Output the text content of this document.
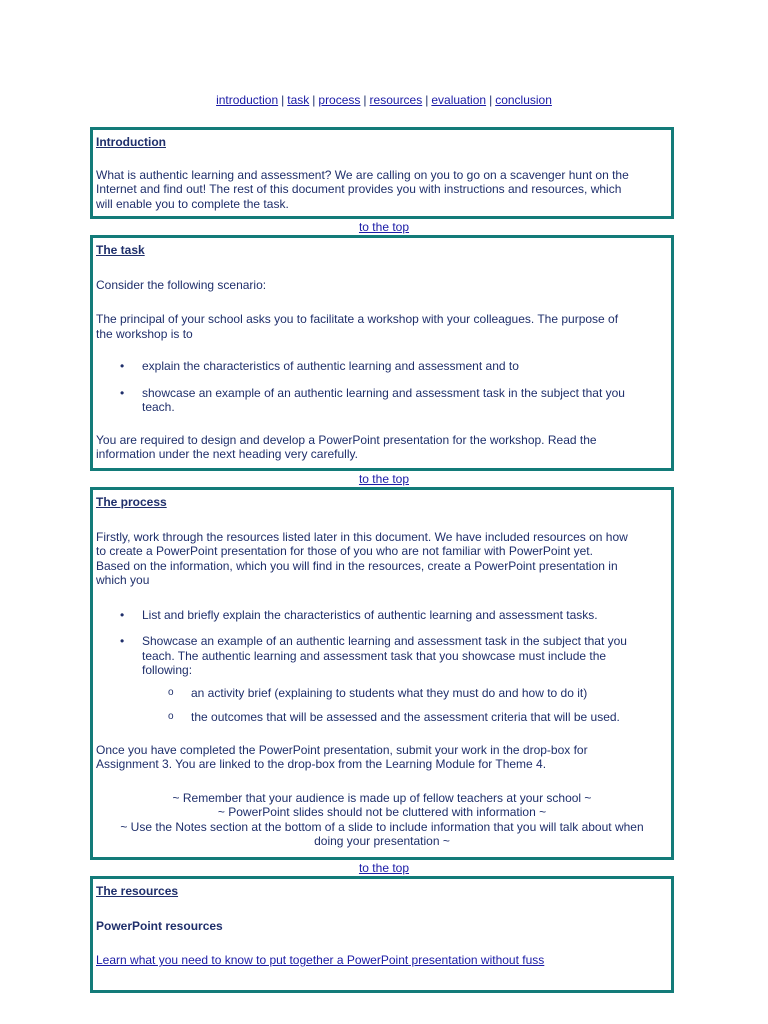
introduction | task | process | resources | evaluation | conclusion
Introduction

What is authentic learning and assessment? We are calling on you to go on a scavenger hunt on the
Internet and find out! The rest of this document provides you with instructions and resources, which
will enable you to complete the task.

to the top
The task

Consider the following scenario:

The principal of your school asks you to facilitate a workshop with your colleagues. The purpose of
the workshop is to

• explain the characteristics of authentic learning and assessment and to
• showcase an example of an authentic learning and assessment task in the subject that you
teach.

You are required to design and develop a PowerPoint presentation for the workshop. Read the
information under the next heading very carefully.

to the top
The process

Firstly, work through the resources listed later in this document. We have included resources on how
to create a PowerPoint presentation for those of you who are not familiar with PowerPoint yet.
Based on the information, which you will find in the resources, create a PowerPoint presentation in
which you

• List and briefly explain the characteristics of authentic learning and assessment tasks.
• Showcase an example of an authentic learning and assessment task in the subject that you
teach. The authentic learning and assessment task that you showcase must include the
following:
o an activity brief (explaining to students what they must do and how to do it)
o the outcomes that will be assessed and the assessment criteria that will be used.

Once you have completed the PowerPoint presentation, submit your work in the drop-box for
Assignment 3. You are linked to the drop-box from the Learning Module for Theme 4.

~ Remember that your audience is made up of fellow teachers at your school ~
~ PowerPoint slides should not be cluttered with information ~
~ Use the Notes section at the bottom of a slide to include information that you will talk about when
doing your presentation ~

to the top
The resources
PowerPoint resources

Learn what you need to know to put together a PowerPoint presentation without fuss
